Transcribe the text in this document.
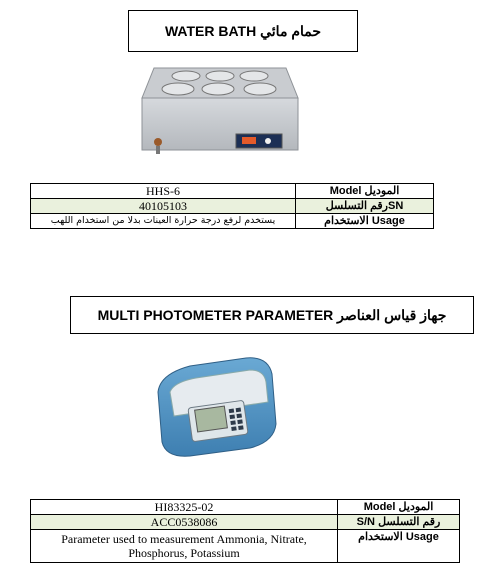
WATER BATH
حمام مائي
HHS-6	Model الموديل
40105103	رقم التسلسلSN
يستخدم لرفع درجة حرارة العينات بدلا من استخدام اللهب	الاستخدام Usage
MULTI PHOTOMETER PARAMETER
جهاز قياس العناصر
HI83325-02	Model الموديل
ACC0538086	S/N رقم التسلسل
Parameter used to measurement Ammonia, Nitrate, Phosphorus, Potassium	الاستخدام Usage
